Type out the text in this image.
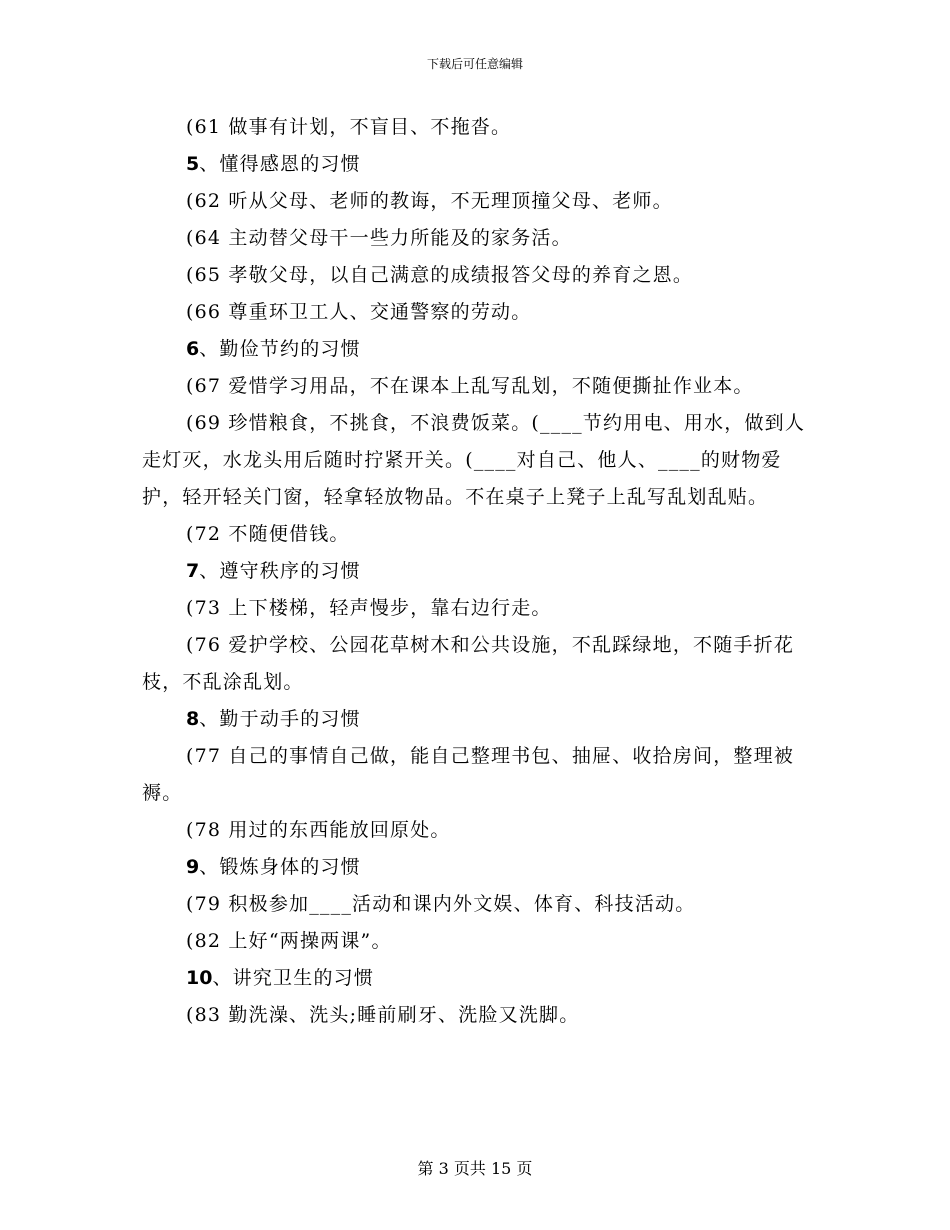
下载后可任意编辑

(61 做事有计划，不盲目、不拖沓。

5、懂得感恩的习惯

(62 听从父母、老师的教诲，不无理顶撞父母、老师。

(64 主动替父母干一些力所能及的家务活。

(65 孝敬父母，以自己满意的成绩报答父母的养育之恩。

(66 尊重环卫工人、交通警察的劳动。

6、勤俭节约的习惯

(67 爱惜学习用品，不在课本上乱写乱划，不随便撕扯作业本。

(69 珍惜粮食，不挑食，不浪费饭菜。(____节约用电、用水，做到人走灯灭，水龙头用后随时拧紧开关。(____对自己、他人、____的财物爱护，轻开轻关门窗，轻拿轻放物品。不在桌子上凳子上乱写乱划乱贴。

(72 不随便借钱。

7、遵守秩序的习惯

(73 上下楼梯，轻声慢步，靠右边行走。

(76 爱护学校、公园花草树木和公共设施，不乱踩绿地，不随手折花枝，不乱涂乱划。

8、勤于动手的习惯

(77 自己的事情自己做，能自己整理书包、抽屉、收拾房间，整理被褥。

(78 用过的东西能放回原处。

9、锻炼身体的习惯

(79 积极参加____活动和课内外文娱、体育、科技活动。

(82 上好“两操两课”。

10、讲究卫生的习惯

(83 勤洗澡、洗头;睡前刷牙、洗脸又洗脚。

第 3 页共 15 页
